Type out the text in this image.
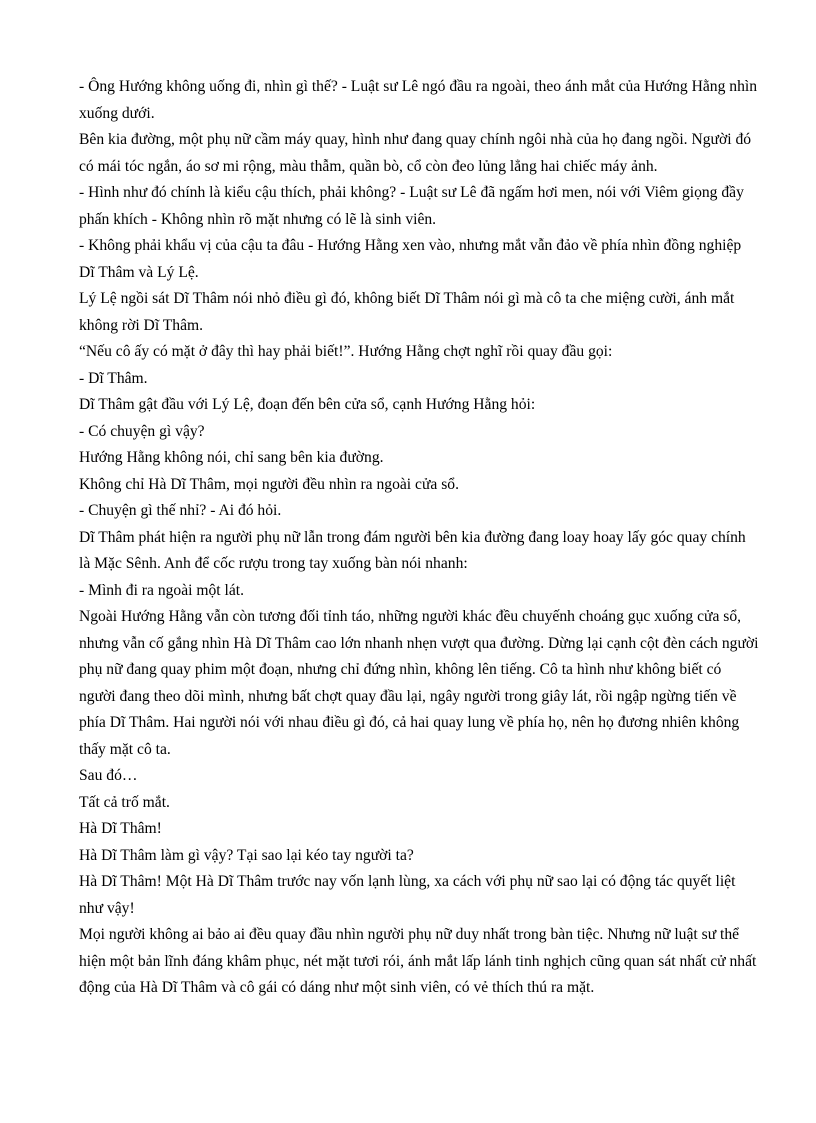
- Ông Hướng không uống đi, nhìn gì thế? - Luật sư Lê ngó đầu ra ngoài, theo ánh mắt của Hướng Hằng nhìn xuống dưới.

Bên kia đường, một phụ nữ cầm máy quay, hình như đang quay chính ngôi nhà của họ đang ngồi. Người đó có mái tóc ngắn, áo sơ mi rộng, màu thẫm, quần bò, cổ còn đeo lủng lẳng hai chiếc máy ảnh.

- Hình như đó chính là kiểu cậu thích, phải không? - Luật sư Lê đã ngấm hơi men, nói với Viêm giọng đầy phấn khích - Không nhìn rõ mặt nhưng có lẽ là sinh viên.

- Không phải khẩu vị của cậu ta đâu - Hướng Hằng xen vào, nhưng mắt vẫn đảo về phía nhìn đồng nghiệp Dĩ Thâm và Lý Lệ.

Lý Lệ ngồi sát Dĩ Thâm nói nhỏ điều gì đó, không biết Dĩ Thâm nói gì mà cô ta che miệng cười, ánh mắt không rời Dĩ Thâm.

“Nếu cô ấy có mặt ở đây thì hay phải biết!”. Hướng Hằng chợt nghĩ rồi quay đầu gọi:

- Dĩ Thâm.

Dĩ Thâm gật đầu với Lý Lệ, đoạn đến bên cửa sổ, cạnh Hướng Hằng hỏi:

- Có chuyện gì vậy?

Hướng Hằng không nói, chỉ sang bên kia đường.

Không chỉ Hà Dĩ Thâm, mọi người đều nhìn ra ngoài cửa sổ.

- Chuyện gì thế nhỉ? - Ai đó hỏi.

Dĩ Thâm phát hiện ra người phụ nữ lẫn trong đám người bên kia đường đang loay hoay lấy góc quay chính là Mặc Sênh. Anh để cốc rượu trong tay xuống bàn nói nhanh:

- Mình đi ra ngoài một lát.

Ngoài Hướng Hằng vẫn còn tương đối tỉnh táo, những người khác đều chuyếnh choáng gục xuống cửa sổ, nhưng vẫn cố gắng nhìn Hà Dĩ Thâm cao lớn nhanh nhẹn vượt qua đường. Dừng lại cạnh cột đèn cách người phụ nữ đang quay phim một đoạn, nhưng chỉ đứng nhìn, không lên tiếng. Cô ta hình như không biết có người đang theo dõi mình, nhưng bất chợt quay đầu lại, ngây người trong giây lát, rồi ngập ngừng tiến về phía Dĩ Thâm. Hai người nói với nhau điều gì đó, cả hai quay lung về phía họ, nên họ đương nhiên không thấy mặt cô ta.

Sau đó…

Tất cả trố mắt.

Hà Dĩ Thâm!

Hà Dĩ Thâm làm gì vậy? Tại sao lại kéo tay người ta?

Hà Dĩ Thâm! Một Hà Dĩ Thâm trước nay vốn lạnh lùng, xa cách với phụ nữ sao lại có động tác quyết liệt như vậy!

Mọi người không ai bảo ai đều quay đầu nhìn người phụ nữ duy nhất trong bàn tiệc. Nhưng nữ luật sư thể hiện một bản lĩnh đáng khâm phục, nét mặt tươi rói, ánh mắt lấp lánh tinh nghịch cũng quan sát nhất cử nhất động của Hà Dĩ Thâm và cô gái có dáng như một sinh viên, có vẻ thích thú ra mặt.
